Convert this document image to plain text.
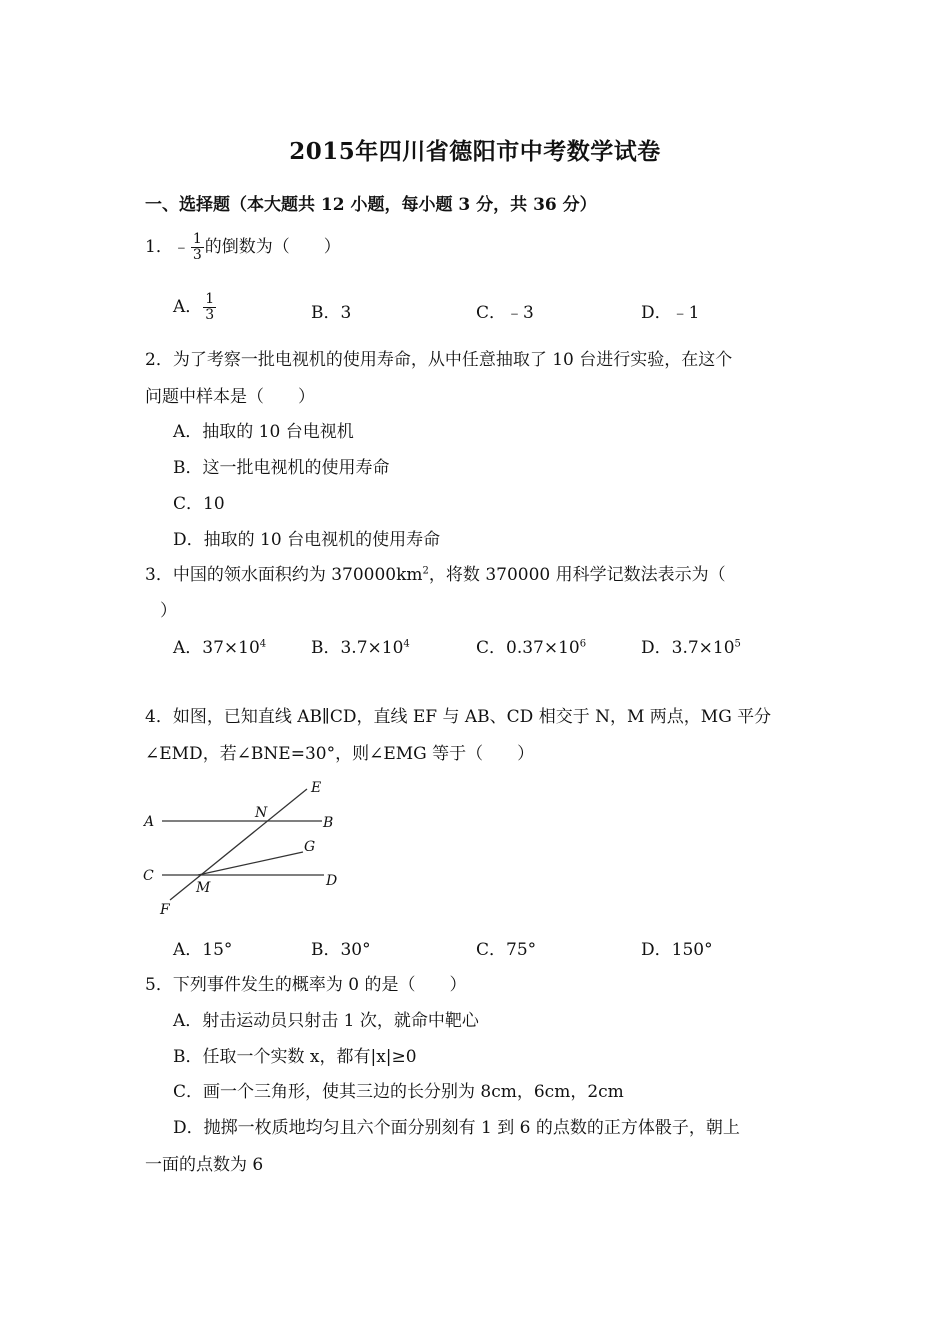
2015年四川省德阳市中考数学试卷
一、选择题（本大题共 12 小题，每小题 3 分，共 36 分）
1．﹣ $\frac{1}{3}$ 的倒数为（　　）
A． $\frac{1}{3}$	B．3	C．﹣3	D．﹣1
2．为了考察一批电视机的使用寿命，从中任意抽取了 10 台进行实验，在这个
问题中样本是（　　）
A．抽取的 10 台电视机
B．这一批电视机的使用寿命
C．10
D．抽取的 10 台电视机的使用寿命
3．中国的领水面积约为 $370000km^2$，将数 370000 用科学记数法表示为（
）
A．$37\times 10^4$	B．$3.7\times 10^4$	C．$0.37\times 10^6$	D．$3.7\times 10^5$
4．如图，已知直线 AB∥CD，直线 EF 与 AB、CD 相交于 N，M 两点，MG 平分
∠EMD，若∠BNE=30°，则∠EMG 等于（　　）
E
N
A	B
G
C
M	D
F
A．15°	B．30°	C．75°	D．150°
5．下列事件发生的概率为 0 的是（　　）
A．射击运动员只射击 1 次，就命中靶心
B．任取一个实数 x，都有|x|≥0
C．画一个三角形，使其三边的长分别为 8cm，6cm，2cm
D．抛掷一枚质地均匀且六个面分别刻有 1 到 6 的点数的正方体骰子，朝上
一面的点数为 6
